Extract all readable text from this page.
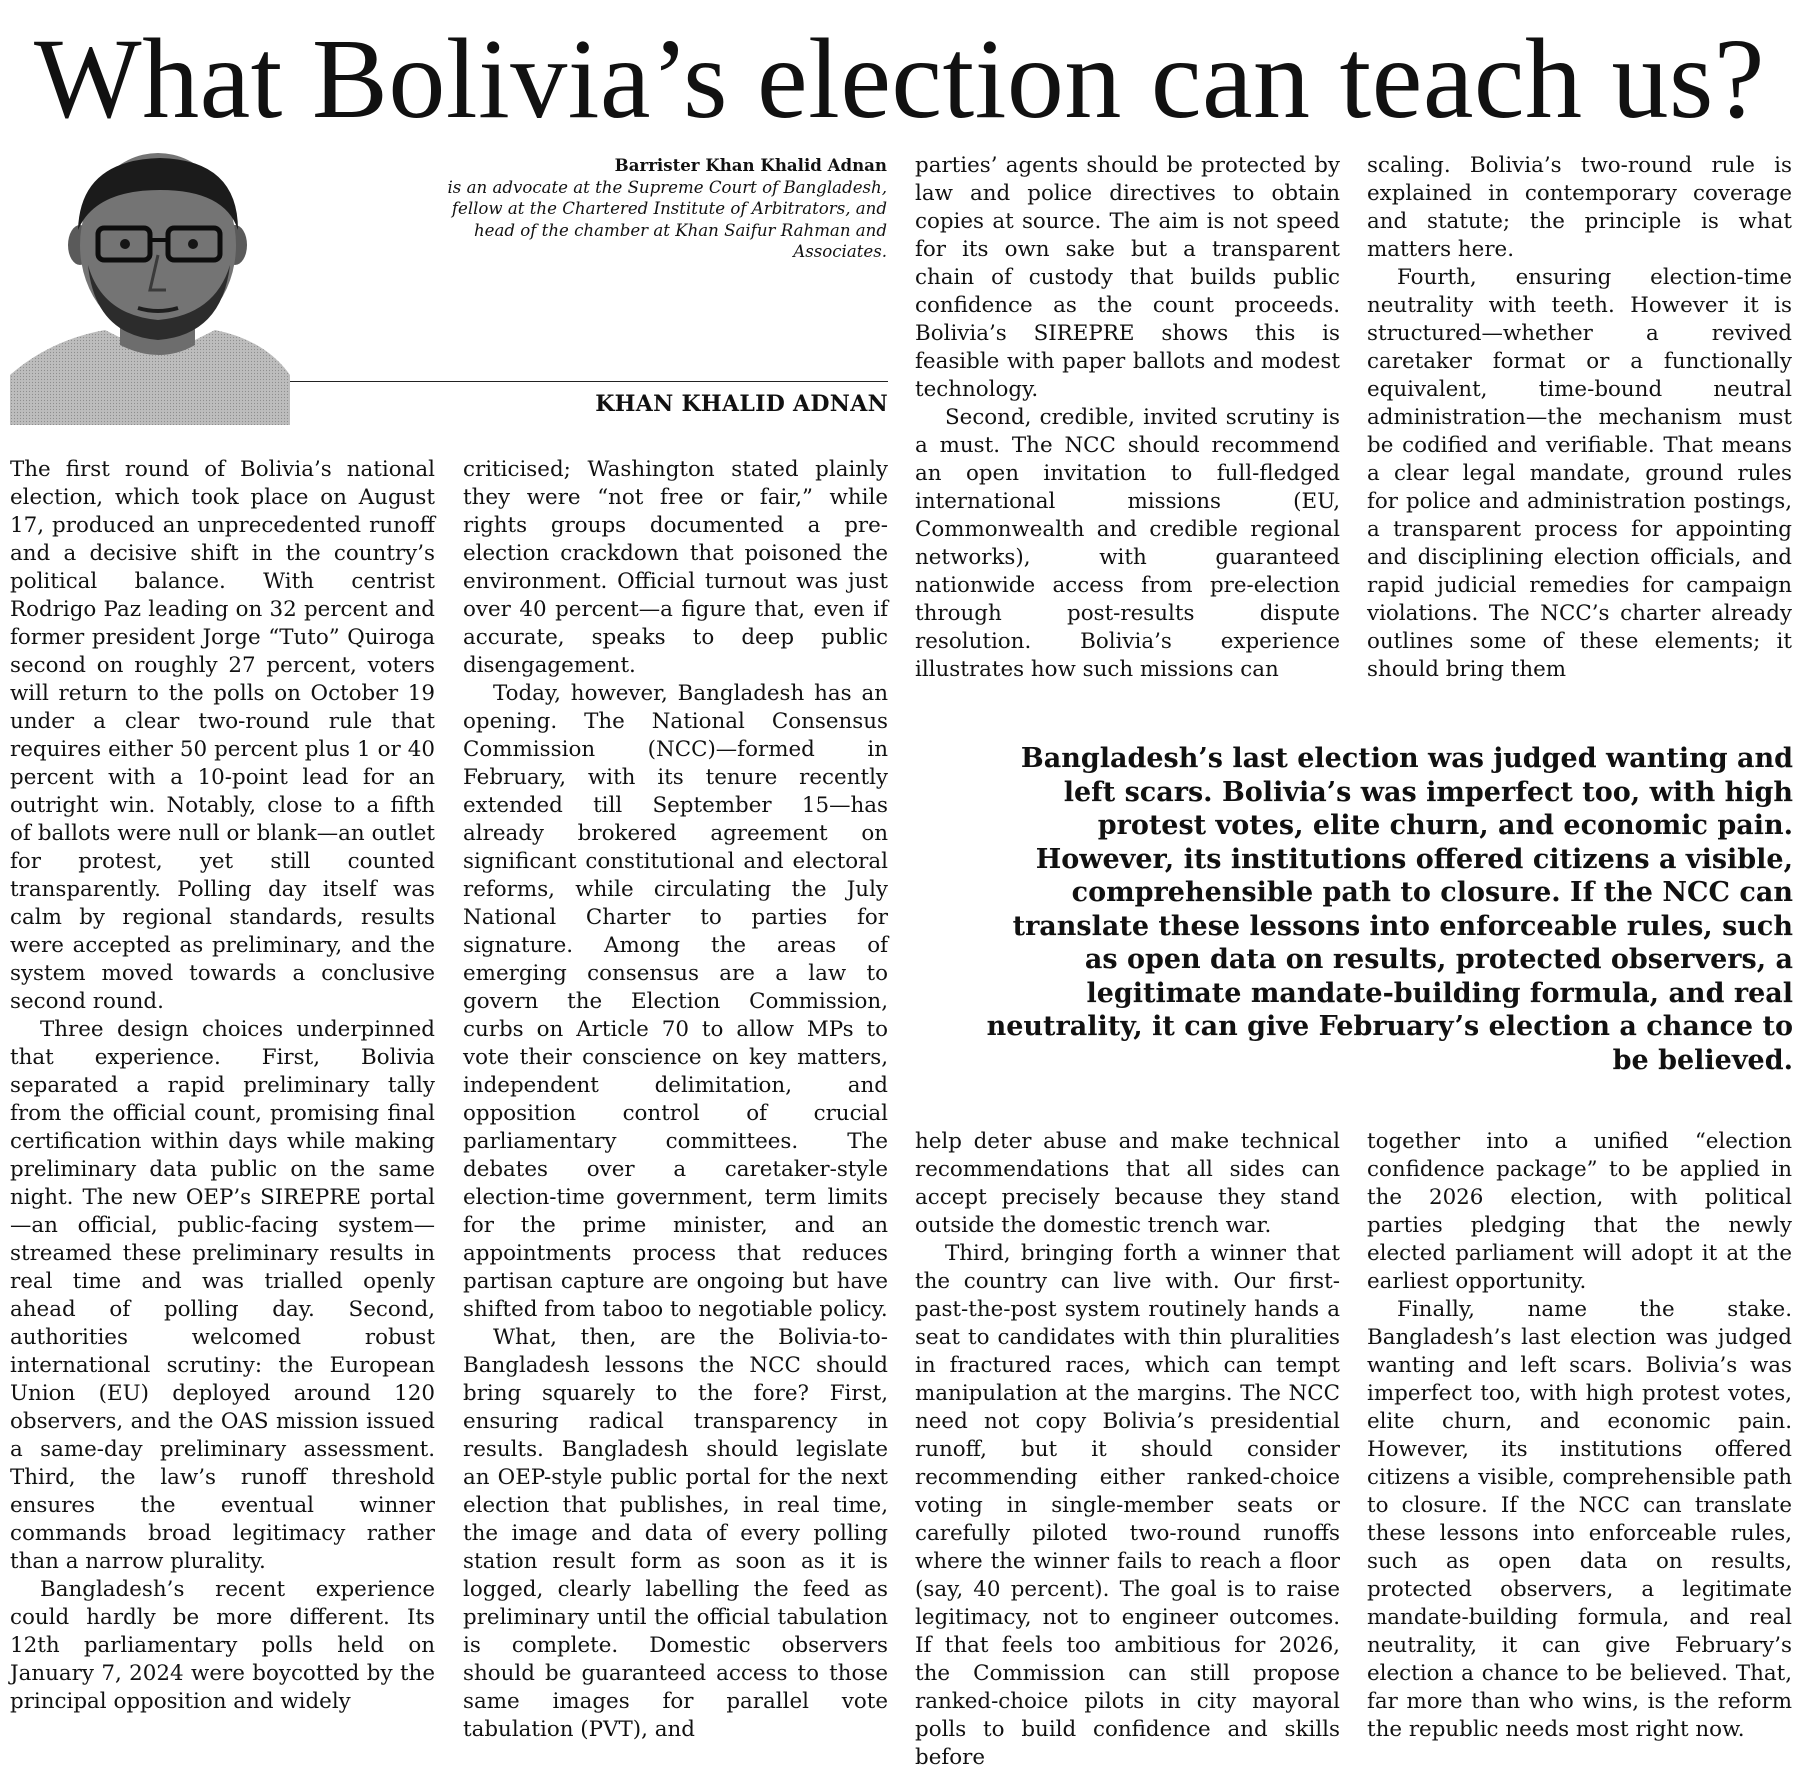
What Bolivia’s election can teach us?
Barrister Khan Khalid Adnan
is an advocate at the Supreme Court of Bangladesh, fellow at the Chartered Institute of Arbitrators, and head of the chamber at Khan Saifur Rahman and Associates.
KHAN KHALID ADNAN

The first round of Bolivia’s national election, which took place on August 17, produced an unprecedented runoff and a decisive shift in the country’s political balance. With centrist Rodrigo Paz leading on 32 percent and former president Jorge “Tuto” Quiroga second on roughly 27 percent, voters will return to the polls on October 19 under a clear two-round rule that requires either 50 percent plus 1 or 40 percent with a 10-point lead for an outright win. Notably, close to a fifth of ballots were null or blank—an outlet for protest, yet still counted transparently. Polling day itself was calm by regional standards, results were accepted as preliminary, and the system moved towards a conclusive second round.

Three design choices underpinned that experience. First, Bolivia separated a rapid preliminary tally from the official count, promising final certification within days while making preliminary data public on the same night. The new OEP’s SIREPRE portal—an official, public-facing system—streamed these preliminary results in real time and was trialled openly ahead of polling day. Second, authorities welcomed robust international scrutiny: the European Union (EU) deployed around 120 observers, and the OAS mission issued a same-day preliminary assessment. Third, the law’s runoff threshold ensures the eventual winner commands broad legitimacy rather than a narrow plurality.

Bangladesh’s recent experience could hardly be more different. Its 12th parliamentary polls held on January 7, 2024 were boycotted by the principal opposition and widely

criticised; Washington stated plainly they were “not free or fair,” while rights groups documented a pre-election crackdown that poisoned the environment. Official turnout was just over 40 percent—a figure that, even if accurate, speaks to deep public disengagement.

Today, however, Bangladesh has an opening. The National Consensus Commission (NCC)—formed in February, with its tenure recently extended till September 15—has already brokered agreement on significant constitutional and electoral reforms, while circulating the July National Charter to parties for signature. Among the areas of emerging consensus are a law to govern the Election Commission, curbs on Article 70 to allow MPs to vote their conscience on key matters, independent delimitation, and opposition control of crucial parliamentary committees. The debates over a caretaker-style election-time government, term limits for the prime minister, and an appointments process that reduces partisan capture are ongoing but have shifted from taboo to negotiable policy.

What, then, are the Bolivia-to-Bangladesh lessons the NCC should bring squarely to the fore? First, ensuring radical transparency in results. Bangladesh should legislate an OEP-style public portal for the next election that publishes, in real time, the image and data of every polling station result form as soon as it is logged, clearly labelling the feed as preliminary until the official tabulation is complete. Domestic observers should be guaranteed access to those same images for parallel vote tabulation (PVT), and

parties’ agents should be protected by law and police directives to obtain copies at source. The aim is not speed for its own sake but a transparent chain of custody that builds public confidence as the count proceeds. Bolivia’s SIREPRE shows this is feasible with paper ballots and modest technology.

Second, credible, invited scrutiny is a must. The NCC should recommend an open invitation to full-fledged international missions (EU, Commonwealth and credible regional networks), with guaranteed nationwide access from pre-election through post-results dispute resolution. Bolivia’s experience illustrates how such missions can

scaling. Bolivia’s two-round rule is explained in contemporary coverage and statute; the principle is what matters here.

Fourth, ensuring election-time neutrality with teeth. However it is structured—whether a revived caretaker format or a functionally equivalent, time-bound neutral administration—the mechanism must be codified and verifiable. That means a clear legal mandate, ground rules for police and administration postings, a transparent process for appointing and disciplining election officials, and rapid judicial remedies for campaign violations. The NCC’s charter already outlines some of these elements; it should bring them

Bangladesh’s last election was judged wanting and left scars. Bolivia’s was imperfect too, with high protest votes, elite churn, and economic pain. However, its institutions offered citizens a visible, comprehensible path to closure. If the NCC can translate these lessons into enforceable rules, such as open data on results, protected observers, a legitimate mandate-building formula, and real neutrality, it can give February’s election a chance to be believed.

help deter abuse and make technical recommendations that all sides can accept precisely because they stand outside the domestic trench war.

Third, bringing forth a winner that the country can live with. Our first-past-the-post system routinely hands a seat to candidates with thin pluralities in fractured races, which can tempt manipulation at the margins. The NCC need not copy Bolivia’s presidential runoff, but it should consider recommending either ranked-choice voting in single-member seats or carefully piloted two-round runoffs where the winner fails to reach a floor (say, 40 percent). The goal is to raise legitimacy, not to engineer outcomes. If that feels too ambitious for 2026, the Commission can still propose ranked-choice pilots in city mayoral polls to build confidence and skills before

together into a unified “election confidence package” to be applied in the 2026 election, with political parties pledging that the newly elected parliament will adopt it at the earliest opportunity.

Finally, name the stake. Bangladesh’s last election was judged wanting and left scars. Bolivia’s was imperfect too, with high protest votes, elite churn, and economic pain. However, its institutions offered citizens a visible, comprehensible path to closure. If the NCC can translate these lessons into enforceable rules, such as open data on results, protected observers, a legitimate mandate-building formula, and real neutrality, it can give February’s election a chance to be believed. That, far more than who wins, is the reform the republic needs most right now.
